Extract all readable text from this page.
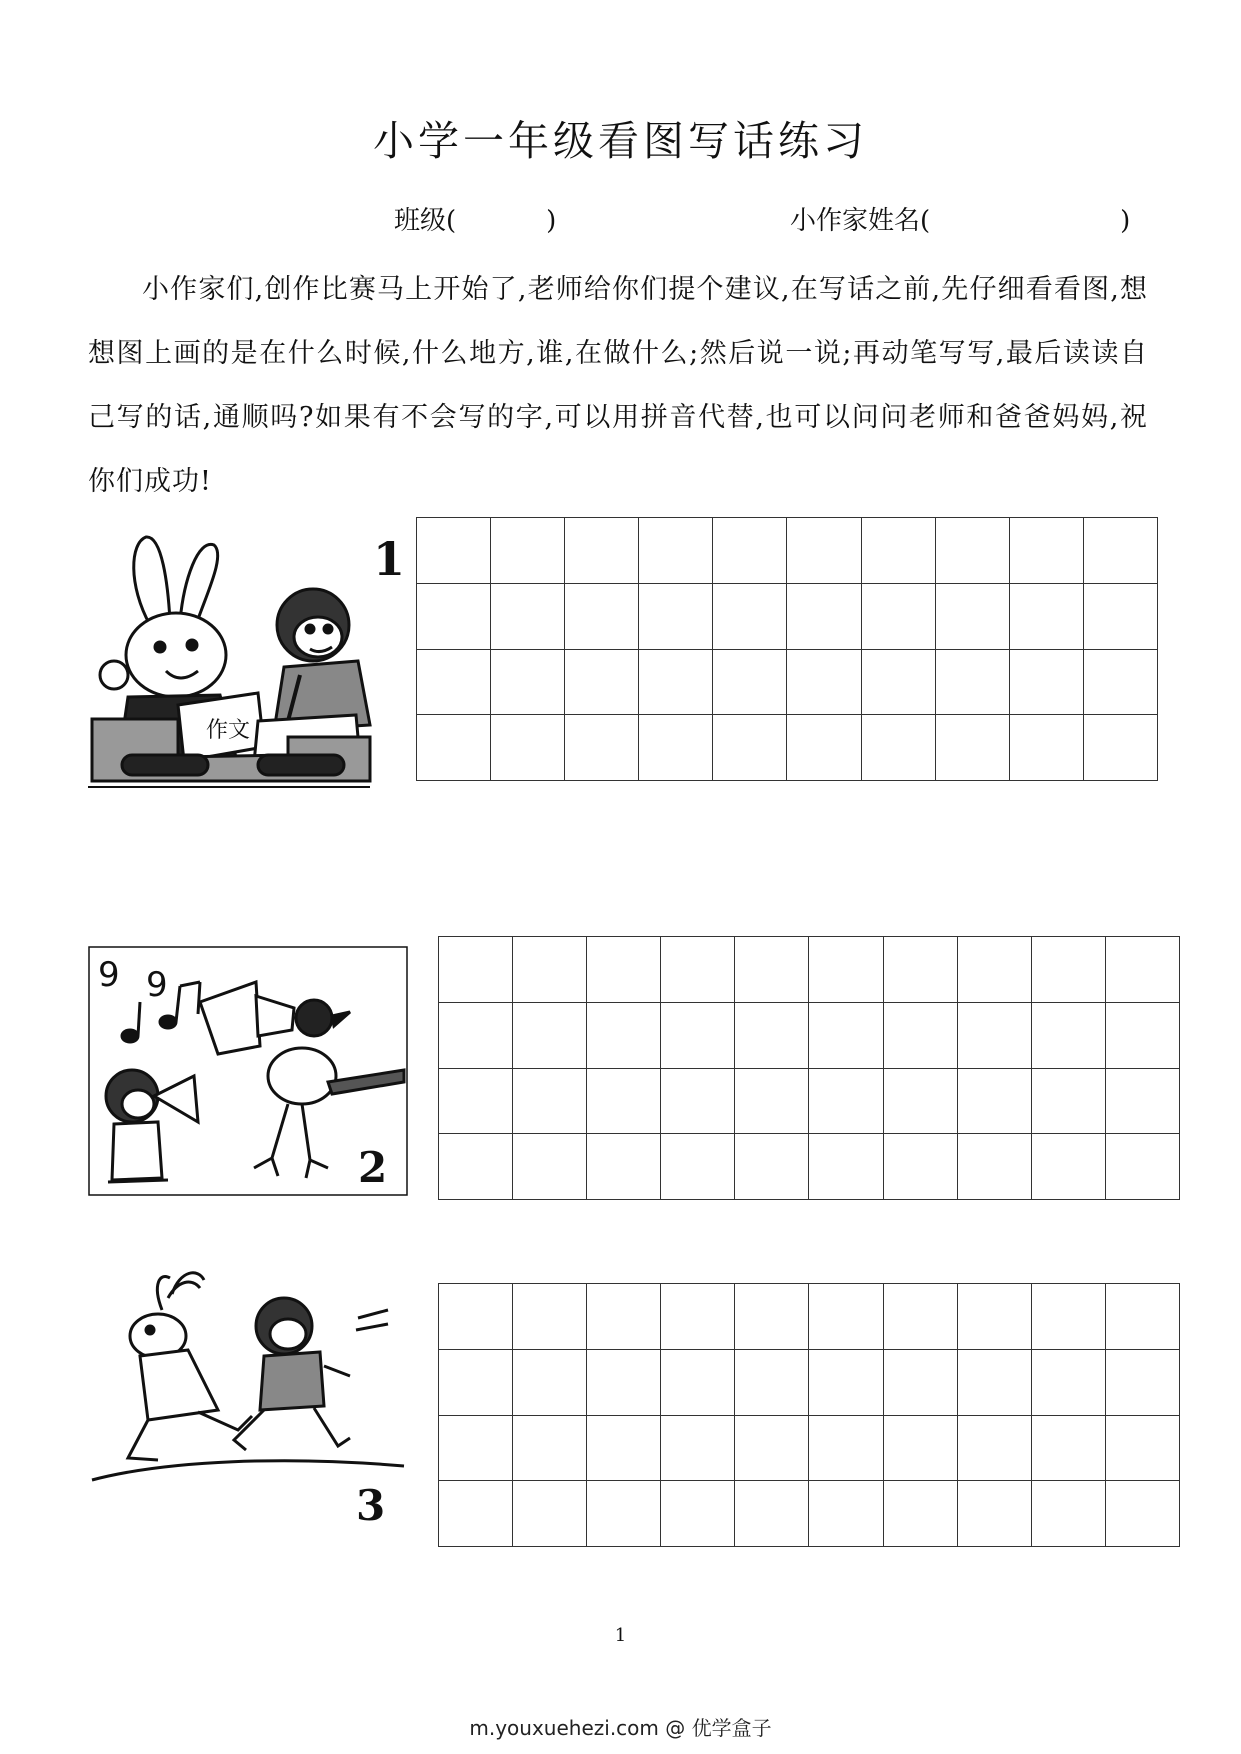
小学一年级看图写话练习
班级(	)	小作家姓名(	)

小作家们,创作比赛马上开始了,老师给你们提个建议,在写话之前,先仔细看看图,想想图上画的是在什么时候,什么地方,谁,在做什么;然后说一说;再动笔写写,最后读读自己写的话,通顺吗?如果有不会写的字,可以用拼音代替,也可以问问老师和爸爸妈妈,祝你们成功!

1
作文
9 9
2
3
1
m.youxuehezi.com @ 优学盒子
